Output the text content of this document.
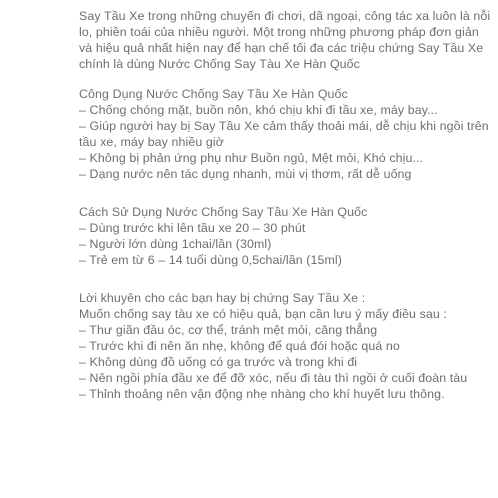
Say Tầu Xe trong những chuyến đi chơi, dã ngoại, công tác xa luôn là nỗi lo, phiền toái của nhiều người. Một trong những phương pháp đơn giản và hiệu quả nhất hiện nay để hạn chế tối đa các triệu chứng Say Tầu Xe chính là dùng Nước Chống Say Tàu Xe Hàn Quốc

Công Dụng Nước Chống Say Tầu Xe Hàn Quốc

– Chống chóng mặt, buồn nôn, khó chịu khi đi tầu xe, máy bay...

– Giúp người hay bị Say Tầu Xe cảm thấy thoải mái, dễ chịu khi ngồi trên tầu xe, máy bay nhiều giờ

– Không bị phản ứng phụ như Buồn ngủ, Mệt mỏi, Khó chịu...

– Dạng nước nên tác dụng nhanh, mùi vị thơm, rất dễ uống

Cách Sử Dụng Nước Chống Say Tầu Xe Hàn Quốc

– Dùng trước khi lên tầu xe 20 – 30 phút

– Người lớn dùng 1chai/lần (30ml)

– Trẻ em từ 6 – 14 tuổi dùng 0,5chai/lần (15ml)

Lời khuyên cho các bạn hay bị chứng Say Tầu Xe :

Muốn chống say tàu xe có hiệu quả, bạn cần lưu ý mấy điều sau :

– Thư giãn đầu óc, cơ thể, tránh mệt mỏi, căng thẳng

– Trước khi đi nên ăn nhẹ, không để quá đói hoặc quá no

– Không dùng đồ uống có ga trước và trong khi đi

– Nên ngồi phía đầu xe để đỡ xóc, nếu đi tàu thì ngồi ở cuối đoàn tàu

– Thỉnh thoảng nên vận động nhẹ nhàng cho khí huyết lưu thông.
